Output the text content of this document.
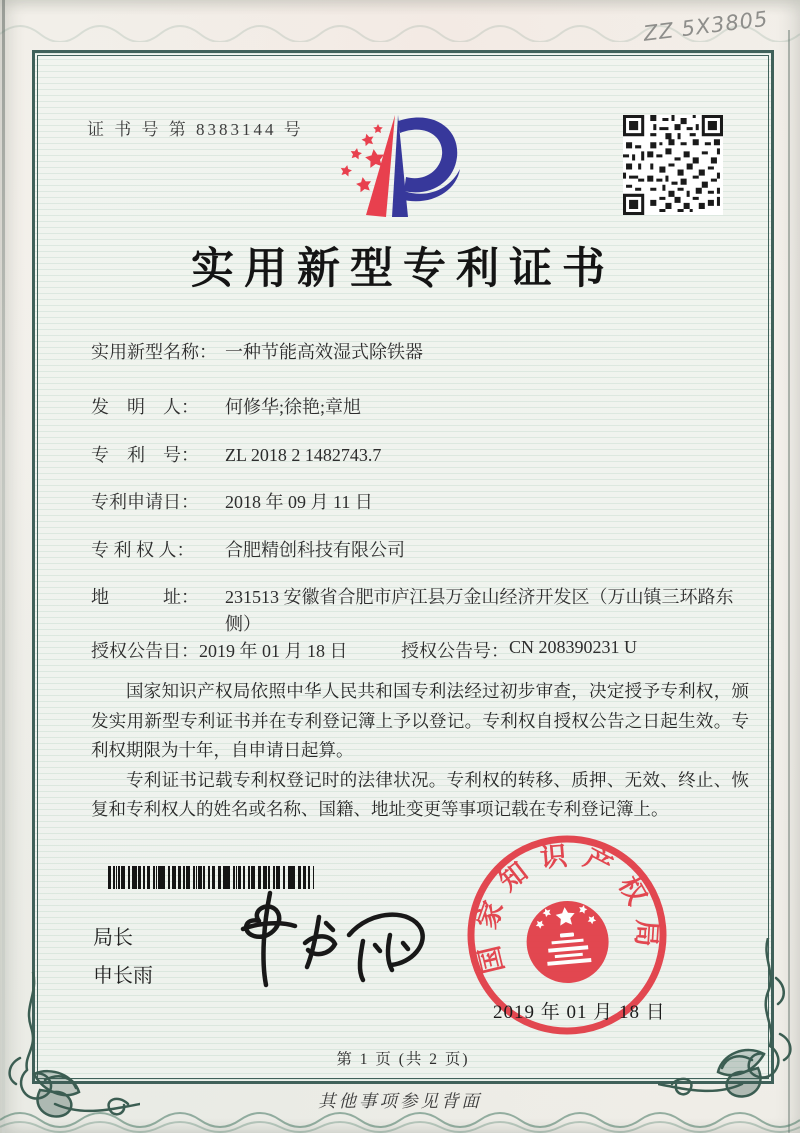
ZZ 5X3805
证 书 号 第 8383144 号
实用新型专利证书
实用新型名称： 一种节能高效湿式除铁器
发　明　人：	何修华;徐艳;章旭
专　利　号：	ZL 2018 2 1482743.7
专利申请日：	2018 年 09 月 11 日
专 利 权 人：	合肥精创科技有限公司
地　　　址：	231513 安徽省合肥市庐江县万金山经济开发区（万山镇三环路东侧）
授权公告日： 2019 年 01 月 18 日	授权公告号： CN 208390231 U

国家知识产权局依照中华人民共和国专利法经过初步审查，决定授予专利权，颁发实用新型专利证书并在专利登记簿上予以登记。专利权自授权公告之日起生效。专利权期限为十年，自申请日起算。

专利证书记载专利权登记时的法律状况。专利权的转移、质押、无效、终止、恢复和专利权人的姓名或名称、国籍、地址变更等事项记载在专利登记簿上。

局长
申长雨	国家知识产权局
2019 年 01 月 18 日
第 1 页 (共 2 页)
其他事项参见背面
